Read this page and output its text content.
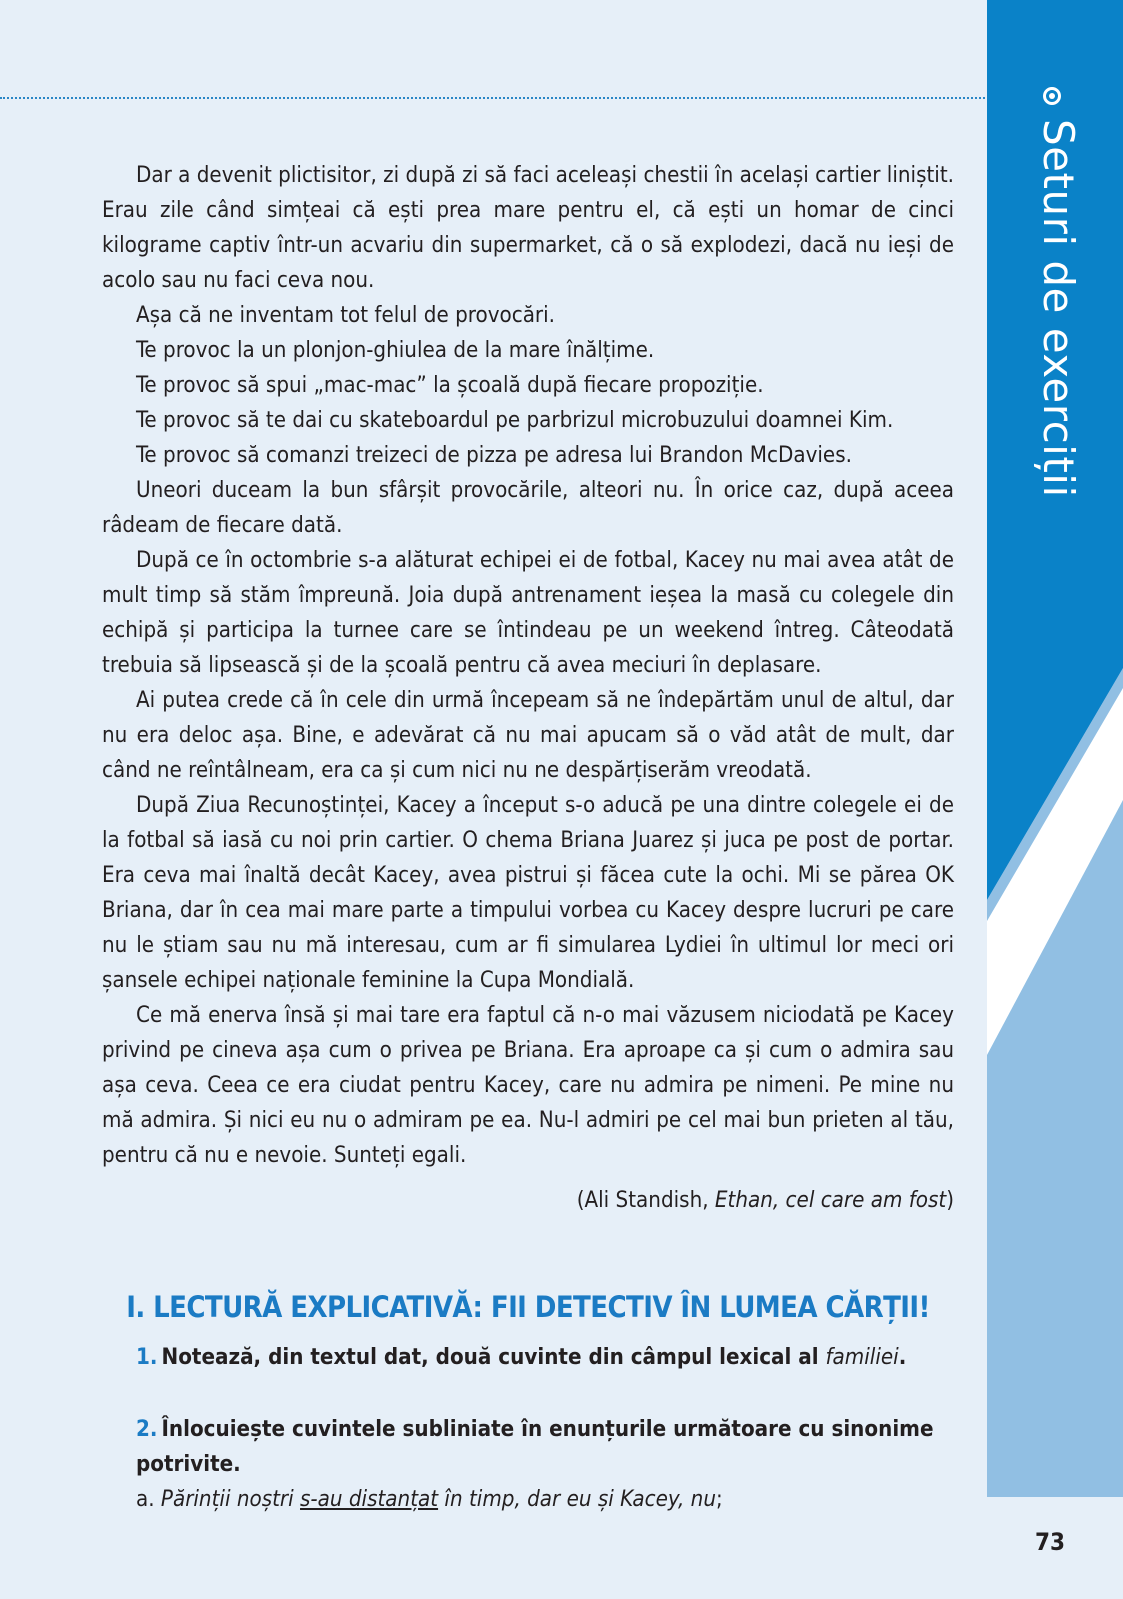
Seturi de exerciții

Dar a devenit plictisitor, zi după zi să faci aceleași chestii în același cartier liniștit. Erau zile când simțeai că ești prea mare pentru el, că ești un homar de cinci kilograme captiv într-un acvariu din supermarket, că o să explodezi, dacă nu ieși de acolo sau nu faci ceva nou.

Așa că ne inventam tot felul de provocări.

Te provoc la un plonjon-ghiulea de la mare înălțime.

Te provoc să spui „mac-mac” la școală după fiecare propoziție.

Te provoc să te dai cu skateboardul pe parbrizul microbuzului doamnei Kim.

Te provoc să comanzi treizeci de pizza pe adresa lui Brandon McDavies.

Uneori duceam la bun sfârșit provocările, alteori nu. În orice caz, după aceea râdeam de fiecare dată.

După ce în octombrie s-a alăturat echipei ei de fotbal, Kacey nu mai avea atât de mult timp să stăm împreună. Joia după antrenament ieșea la masă cu colegele din echipă și participa la turnee care se întindeau pe un weekend întreg. Câteodată trebuia să lipsească și de la școală pentru că avea meciuri în deplasare.

Ai putea crede că în cele din urmă începeam să ne îndepărtăm unul de altul, dar nu era deloc așa. Bine, e adevărat că nu mai apucam să o văd atât de mult, dar când ne reîntâlneam, era ca și cum nici nu ne despărțiserăm vreodată.

După Ziua Recunoștinței, Kacey a început s-o aducă pe una dintre colegele ei de la fotbal să iasă cu noi prin cartier. O chema Briana Juarez și juca pe post de portar. Era ceva mai înaltă decât Kacey, avea pistrui și făcea cute la ochi. Mi se părea OK Briana, dar în cea mai mare parte a timpului vorbea cu Kacey despre lucruri pe care nu le știam sau nu mă interesau, cum ar fi simularea Lydiei în ultimul lor meci ori șansele echipei naționale feminine la Cupa Mondială.

Ce mă enerva însă și mai tare era faptul că n-o mai văzusem niciodată pe Kacey privind pe cineva așa cum o privea pe Briana. Era aproape ca și cum o admira sau așa ceva. Ceea ce era ciudat pentru Kacey, care nu admira pe nimeni. Pe mine nu mă admira. Și nici eu nu o admiram pe ea. Nu-l admiri pe cel mai bun prieten al tău, pentru că nu e nevoie. Sunteți egali.

(Ali Standish, Ethan, cel care am fost)
I. LECTURĂ EXPLICATIVĂ: FII DETECTIV ÎN LUMEA CĂRȚII!
1. Notează, din textul dat, două cuvinte din câmpul lexical al familiei.
2. Înlocuiește cuvintele subliniate în enunțurile următoare cu sinonime potrivite.
a. Părinții noștri s-au distanțat în timp, dar eu și Kacey, nu;
73
